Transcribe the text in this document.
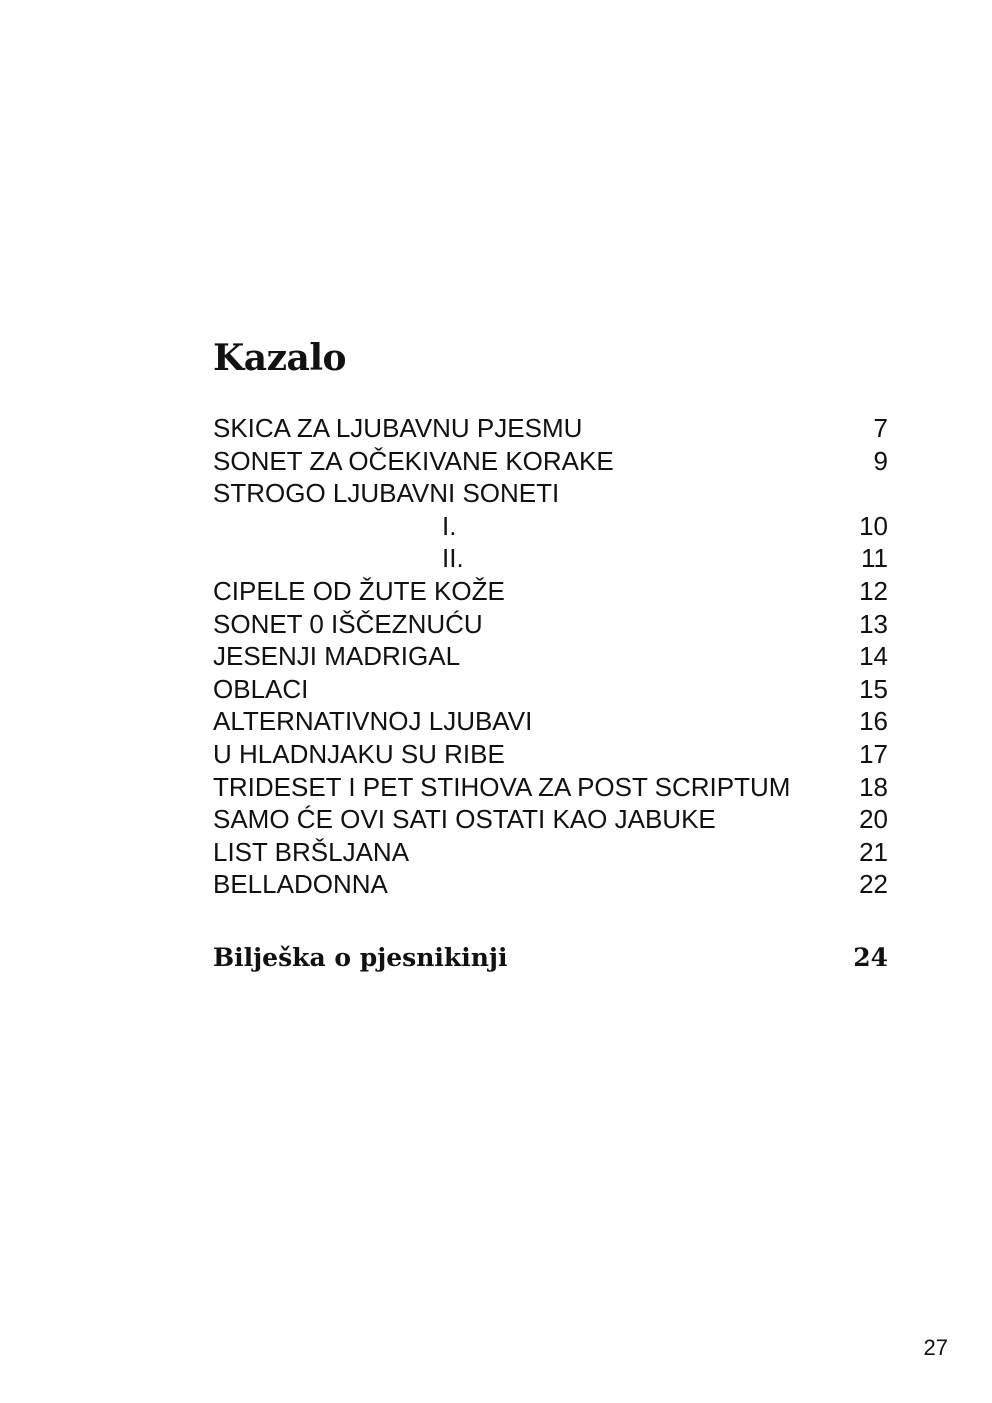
Kazalo
SKICA ZA LJUBAVNU PJESMU	7
SONET ZA OČEKIVANE KORAKE	9
STROGO LJUBAVNI SONETI
I.	10
II.	11
CIPELE OD ŽUTE KOŽE	12
SONET 0 IŠČEZNUĆU	13
JESENJI MADRIGAL	14
OBLACI	15
ALTERNATIVNOJ LJUBAVI	16
U HLADNJAKU SU RIBE	17
TRIDESET I PET STIHOVA ZA POST SCRIPTUM	18
SAMO ĆE OVI SATI OSTATI KAO JABUKE	20
LIST BRŠLJANA	21
BELLADONNA	22
Bilješka o pjesnikinji	24
27
